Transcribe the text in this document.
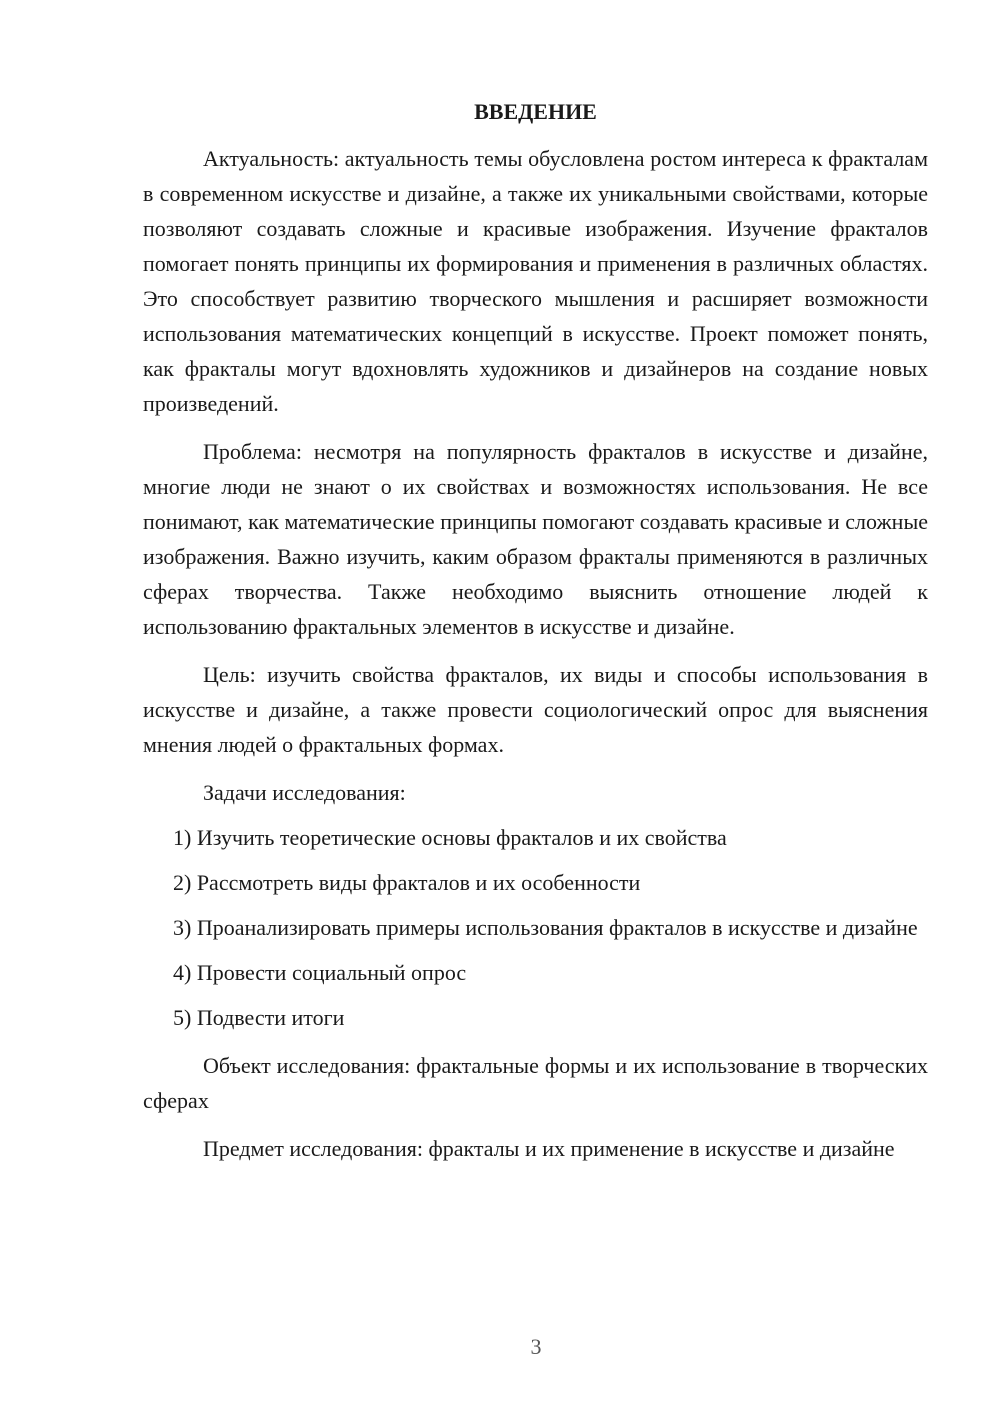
ВВЕДЕНИЕ

Актуальность: актуальность темы обусловлена ростом интереса к фракталам в современном искусстве и дизайне, а также их уникальными свойствами, которые позволяют создавать сложные и красивые изображения. Изучение фракталов помогает понять принципы их формирования и применения в различных областях. Это способствует развитию творческого мышления и расширяет возможности использования математических концепций в искусстве. Проект поможет понять, как фракталы могут вдохновлять художников и дизайнеров на создание новых произведений.

Проблема: несмотря на популярность фракталов в искусстве и дизайне, многие люди не знают о их свойствах и возможностях использования. Не все понимают, как математические принципы помогают создавать красивые и сложные изображения. Важно изучить, каким образом фракталы применяются в различных сферах творчества. Также необходимо выяснить отношение людей к использованию фрактальных элементов в искусстве и дизайне.

Цель: изучить свойства фракталов, их виды и способы использования в искусстве и дизайне, а также провести социологический опрос для выяснения мнения людей о фрактальных формах.

Задачи исследования:

1) Изучить теоретические основы фракталов и их свойства

2) Рассмотреть виды фракталов и их особенности

3) Проанализировать примеры использования фракталов в искусстве и дизайне

4) Провести социальный опрос

5) Подвести итоги

Объект исследования: фрактальные формы и их использование в творческих сферах

Предмет исследования: фракталы и их применение в искусстве и дизайне

3
